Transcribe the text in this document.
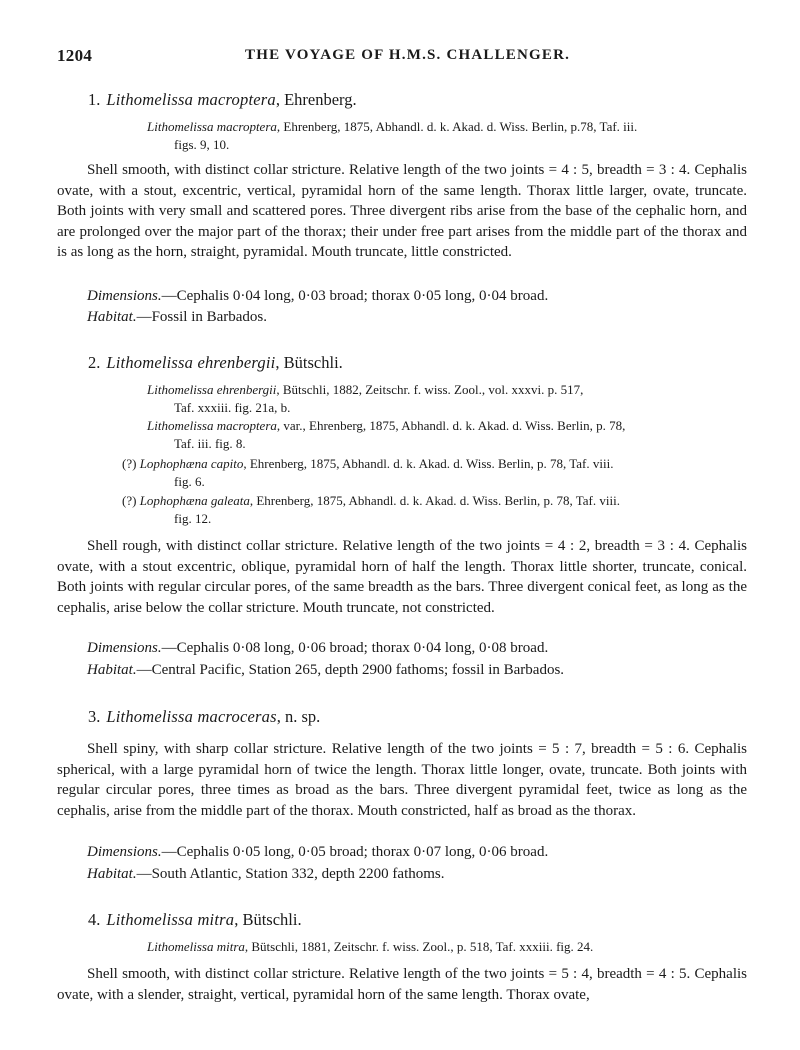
1204	THE VOYAGE OF H.M.S. CHALLENGER.
1. Lithomelissa macroptera, Ehrenberg.
Lithomelissa macroptera, Ehrenberg, 1875, Abhandl. d. k. Akad. d. Wiss. Berlin, p.78, Taf. iii.
figs. 9, 10.
Shell smooth, with distinct collar stricture. Relative length of the two joints = 4 : 5, breadth = 3 : 4. Cephalis ovate, with a stout, excentric, vertical, pyramidal horn of the same length. Thorax little larger, ovate, truncate. Both joints with very small and scattered pores. Three divergent ribs arise from the base of the cephalic horn, and are prolonged over the major part of the thorax; their under free part arises from the middle part of the thorax and is as long as the horn, straight, pyramidal. Mouth truncate, little constricted.
Dimensions.—Cephalis 0·04 long, 0·03 broad; thorax 0·05 long, 0·04 broad.
Habitat.—Fossil in Barbados.
2. Lithomelissa ehrenbergii, Bütschli.
Lithomelissa ehrenbergii, Bütschli, 1882, Zeitschr. f. wiss. Zool., vol. xxxvi. p. 517,
Taf. xxxiii. fig. 21a, b.
Lithomelissa macroptera, var., Ehrenberg, 1875, Abhandl. d. k. Akad. d. Wiss. Berlin, p. 78,
Taf. iii. fig. 8.
(?) Lophophæna capito, Ehrenberg, 1875, Abhandl. d. k. Akad. d. Wiss. Berlin, p. 78, Taf. viii.
fig. 6.
(?) Lophophæna galeata, Ehrenberg, 1875, Abhandl. d. k. Akad. d. Wiss. Berlin, p. 78, Taf. viii.
fig. 12.
Shell rough, with distinct collar stricture. Relative length of the two joints = 4 : 2, breadth = 3 : 4. Cephalis ovate, with a stout excentric, oblique, pyramidal horn of half the length. Thorax little shorter, truncate, conical. Both joints with regular circular pores, of the same breadth as the bars. Three divergent conical feet, as long as the cephalis, arise below the collar stricture. Mouth truncate, not constricted.
Dimensions.—Cephalis 0·08 long, 0·06 broad; thorax 0·04 long, 0·08 broad.
Habitat.—Central Pacific, Station 265, depth 2900 fathoms; fossil in Barbados.
3. Lithomelissa macroceras, n. sp.
Shell spiny, with sharp collar stricture. Relative length of the two joints = 5 : 7, breadth = 5 : 6. Cephalis spherical, with a large pyramidal horn of twice the length. Thorax little longer, ovate, truncate. Both joints with regular circular pores, three times as broad as the bars. Three divergent pyramidal feet, twice as long as the cephalis, arise from the middle part of the thorax. Mouth constricted, half as broad as the thorax.
Dimensions.—Cephalis 0·05 long, 0·05 broad; thorax 0·07 long, 0·06 broad.
Habitat.—South Atlantic, Station 332, depth 2200 fathoms.
4. Lithomelissa mitra, Bütschli.
Lithomelissa mitra, Bütschli, 1881, Zeitschr. f. wiss. Zool., p. 518, Taf. xxxiii. fig. 24.
Shell smooth, with distinct collar stricture. Relative length of the two joints = 5 : 4, breadth = 4 : 5. Cephalis ovate, with a slender, straight, vertical, pyramidal horn of the same length. Thorax ovate,
